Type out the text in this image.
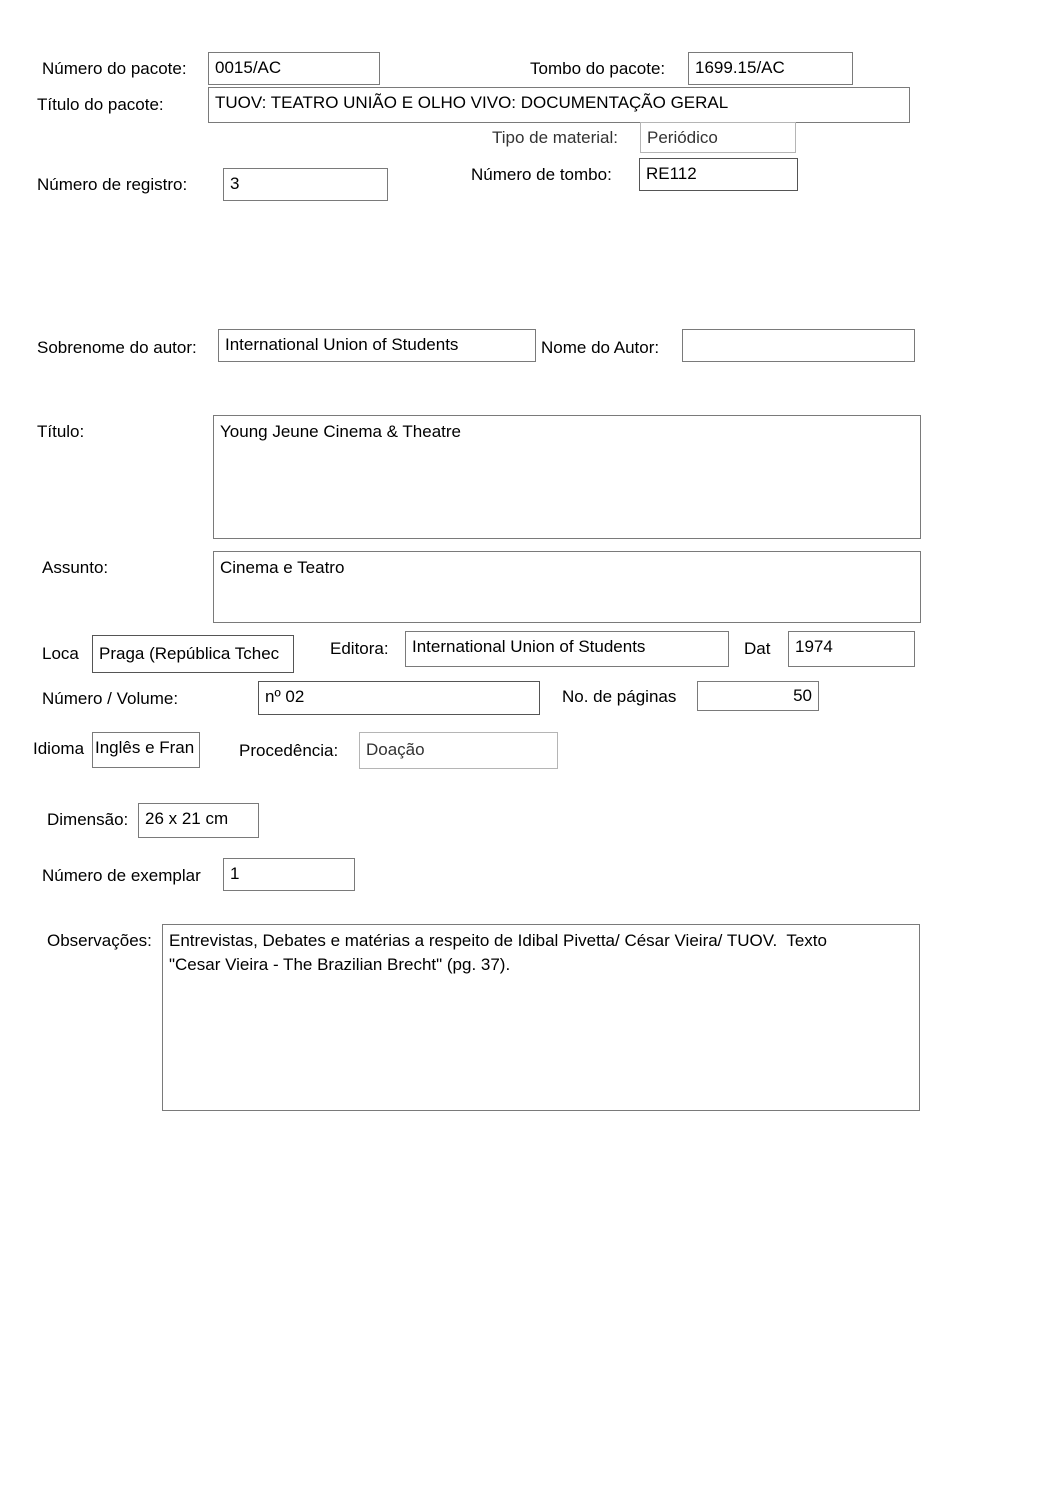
Número do pacote:	0015/AC	Tombo do pacote:	1699.15/AC
Título do pacote:	TUOV: TEATRO UNIÃO E OLHO VIVO: DOCUMENTAÇÃO GERAL
Tipo de material:	Periódico
Número de registro:	3	Número de tombo:	RE112
Sobrenome do autor:	International Union of Students	Nome do Autor:
Título:	Young Jeune Cinema & Theatre
Assunto:	Cinema e Teatro
Loca	Praga (República Tchec	Editora:	International Union of Students	Dat	1974
Número / Volume:	nº 02	No. de páginas	50
Idioma Inglês e Fran	Procedência:	Doação
Dimensão: 26 x 21 cm
Número de exemplar	1
Observações:	Entrevistas, Debates e matérias a respeito de Idibal Pivetta/ César Vieira/ TUOV.  Texto
"Cesar Vieira - The Brazilian Brecht" (pg. 37).
